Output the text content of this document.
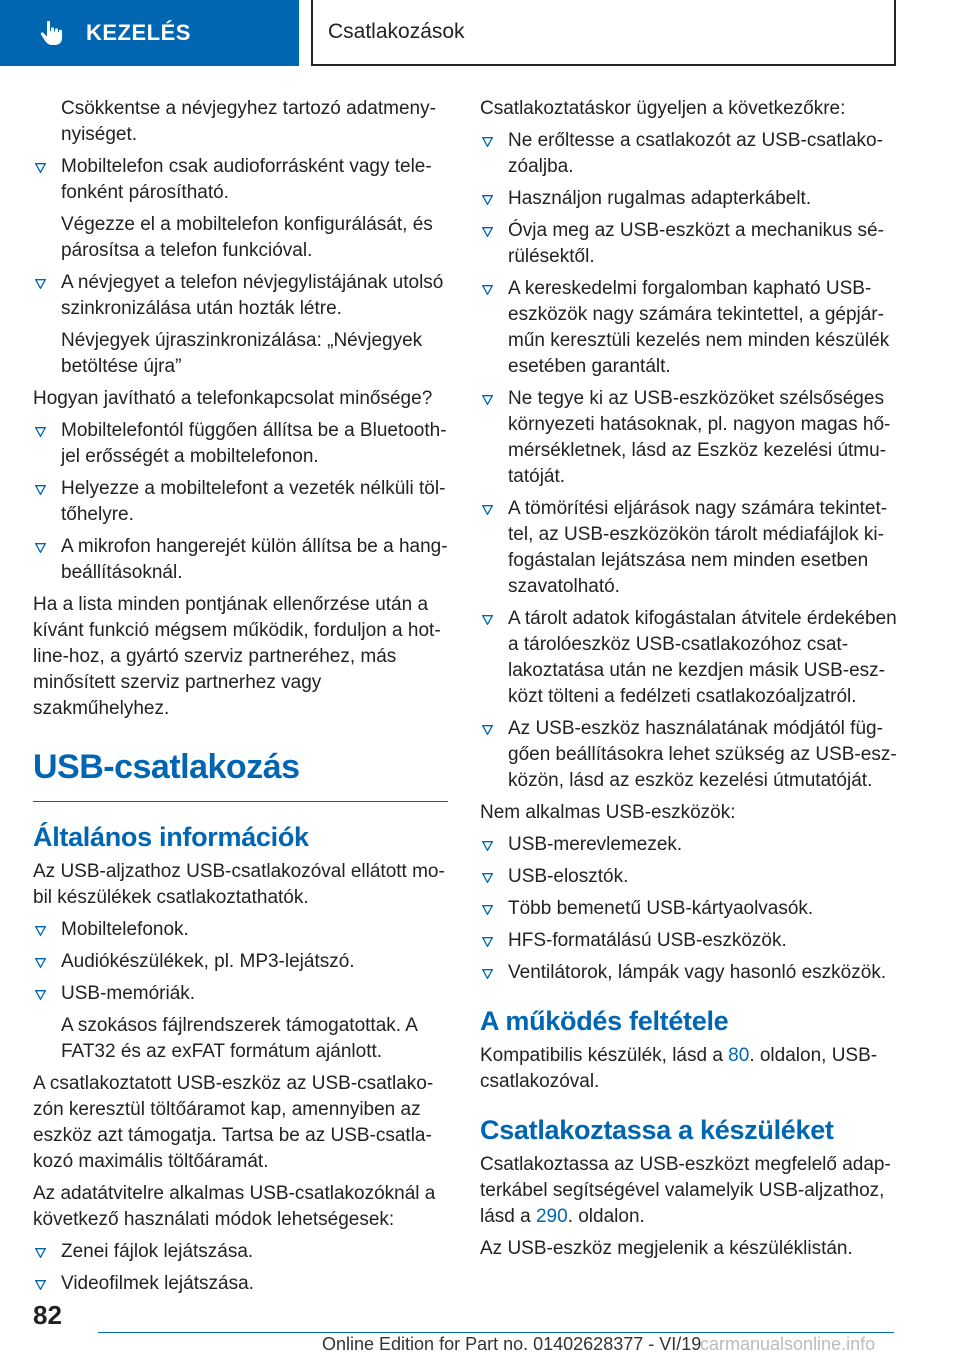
KEZELÉS	Csatlakozások

Csökkentse a névjegyhez tartozó adatmenynyiséget.

Mobiltelefon csak audioforrásként vagy telefonként párosítható.

Végezze el a mobiltelefon konfigurálását, és párosítsa a telefon funkcióval.

A névjegyet a telefon névjegylistájának utolsó szinkronizálása után hozták létre.

Névjegyek újraszinkronizálása: „Névjegyek betöltése újra”

Hogyan javítható a telefonkapcsolat minősége?

Mobiltelefontól függően állítsa be a Bluetooth-jel erősségét a mobiltelefonon.
Helyezze a mobiltelefont a vezeték nélküli töltőhelyre.
A mikrofon hangerejét külön állítsa be a hangbeállításoknál.

Ha a lista minden pontjának ellenőrzése után a kívánt funkció mégsem működik, forduljon a hotline-hoz, a gyártó szerviz partneréhez, más minősített szerviz partnerhez vagy szakműhelyhez.

USB-csatlakozás
Általános információk

Az USB-aljzathoz USB-csatlakozóval ellátott mobil készülékek csatlakoztathatók.

Mobiltelefonok.
Audiókészülékek, pl. MP3-lejátszó.
USB-memóriák.

A szokásos fájlrendszerek támogatottak. A FAT32 és az exFAT formátum ajánlott.

A csatlakoztatott USB-eszköz az USB-csatlakozón keresztül töltőáramot kap, amennyiben az eszköz azt támogatja. Tartsa be az USB-csatlakozó maximális töltőáramát.

Az adatátvitelre alkalmas USB-csatlakozóknál a következő használati módok lehetségesek:

Zenei fájlok lejátszása.
Videofilmek lejátszása.

Csatlakoztatáskor ügyeljen a következőkre:

Ne erőltesse a csatlakozót az USB-csatlakozóaljba.
Használjon rugalmas adapterkábelt.
Óvja meg az USB-eszközt a mechanikus sérülésektől.
A kereskedelmi forgalomban kapható USB-eszközök nagy számára tekintettel, a gépjárműn keresztüli kezelés nem minden készülék esetében garantált.
Ne tegye ki az USB-eszközöket szélsőséges környezeti hatásoknak, pl. nagyon magas hőmérsékletnek, lásd az Eszköz kezelési útmutatóját.
A tömörítési eljárások nagy számára tekintettel, az USB-eszközökön tárolt médiafájlok kifogástalan lejátszása nem minden esetben szavatolható.
A tárolt adatok kifogástalan átvitele érdekében a tárolóeszköz USB-csatlakozóhoz csatlakoztatása után ne kezdjen másik USB-eszközt tölteni a fedélzeti csatlakozóaljzatról.
Az USB-eszköz használatának módjától függően beállításokra lehet szükség az USB-eszközön, lásd az eszköz kezelési útmutatóját.

Nem alkalmas USB-eszközök:

USB-merevlemezek.
USB-elosztók.
Több bemenetű USB-kártyaolvasók.
HFS-formatálású USB-eszközök.
Ventilátorok, lámpák vagy hasonló eszközök.
A működés feltétele

Kompatibilis készülék, lásd a 80. oldalon, USB-csatlakozóval.

Csatlakoztassa a készüléket

Csatlakoztassa az USB-eszközt megfelelő adapterkábel segítségével valamelyik USB-aljzathoz, lásd a 290. oldalon.

Az USB-eszköz megjelenik a készüléklistán.

82
Online Edition for Part no. 01402628377 - VI/19
carmanualsonline.info
